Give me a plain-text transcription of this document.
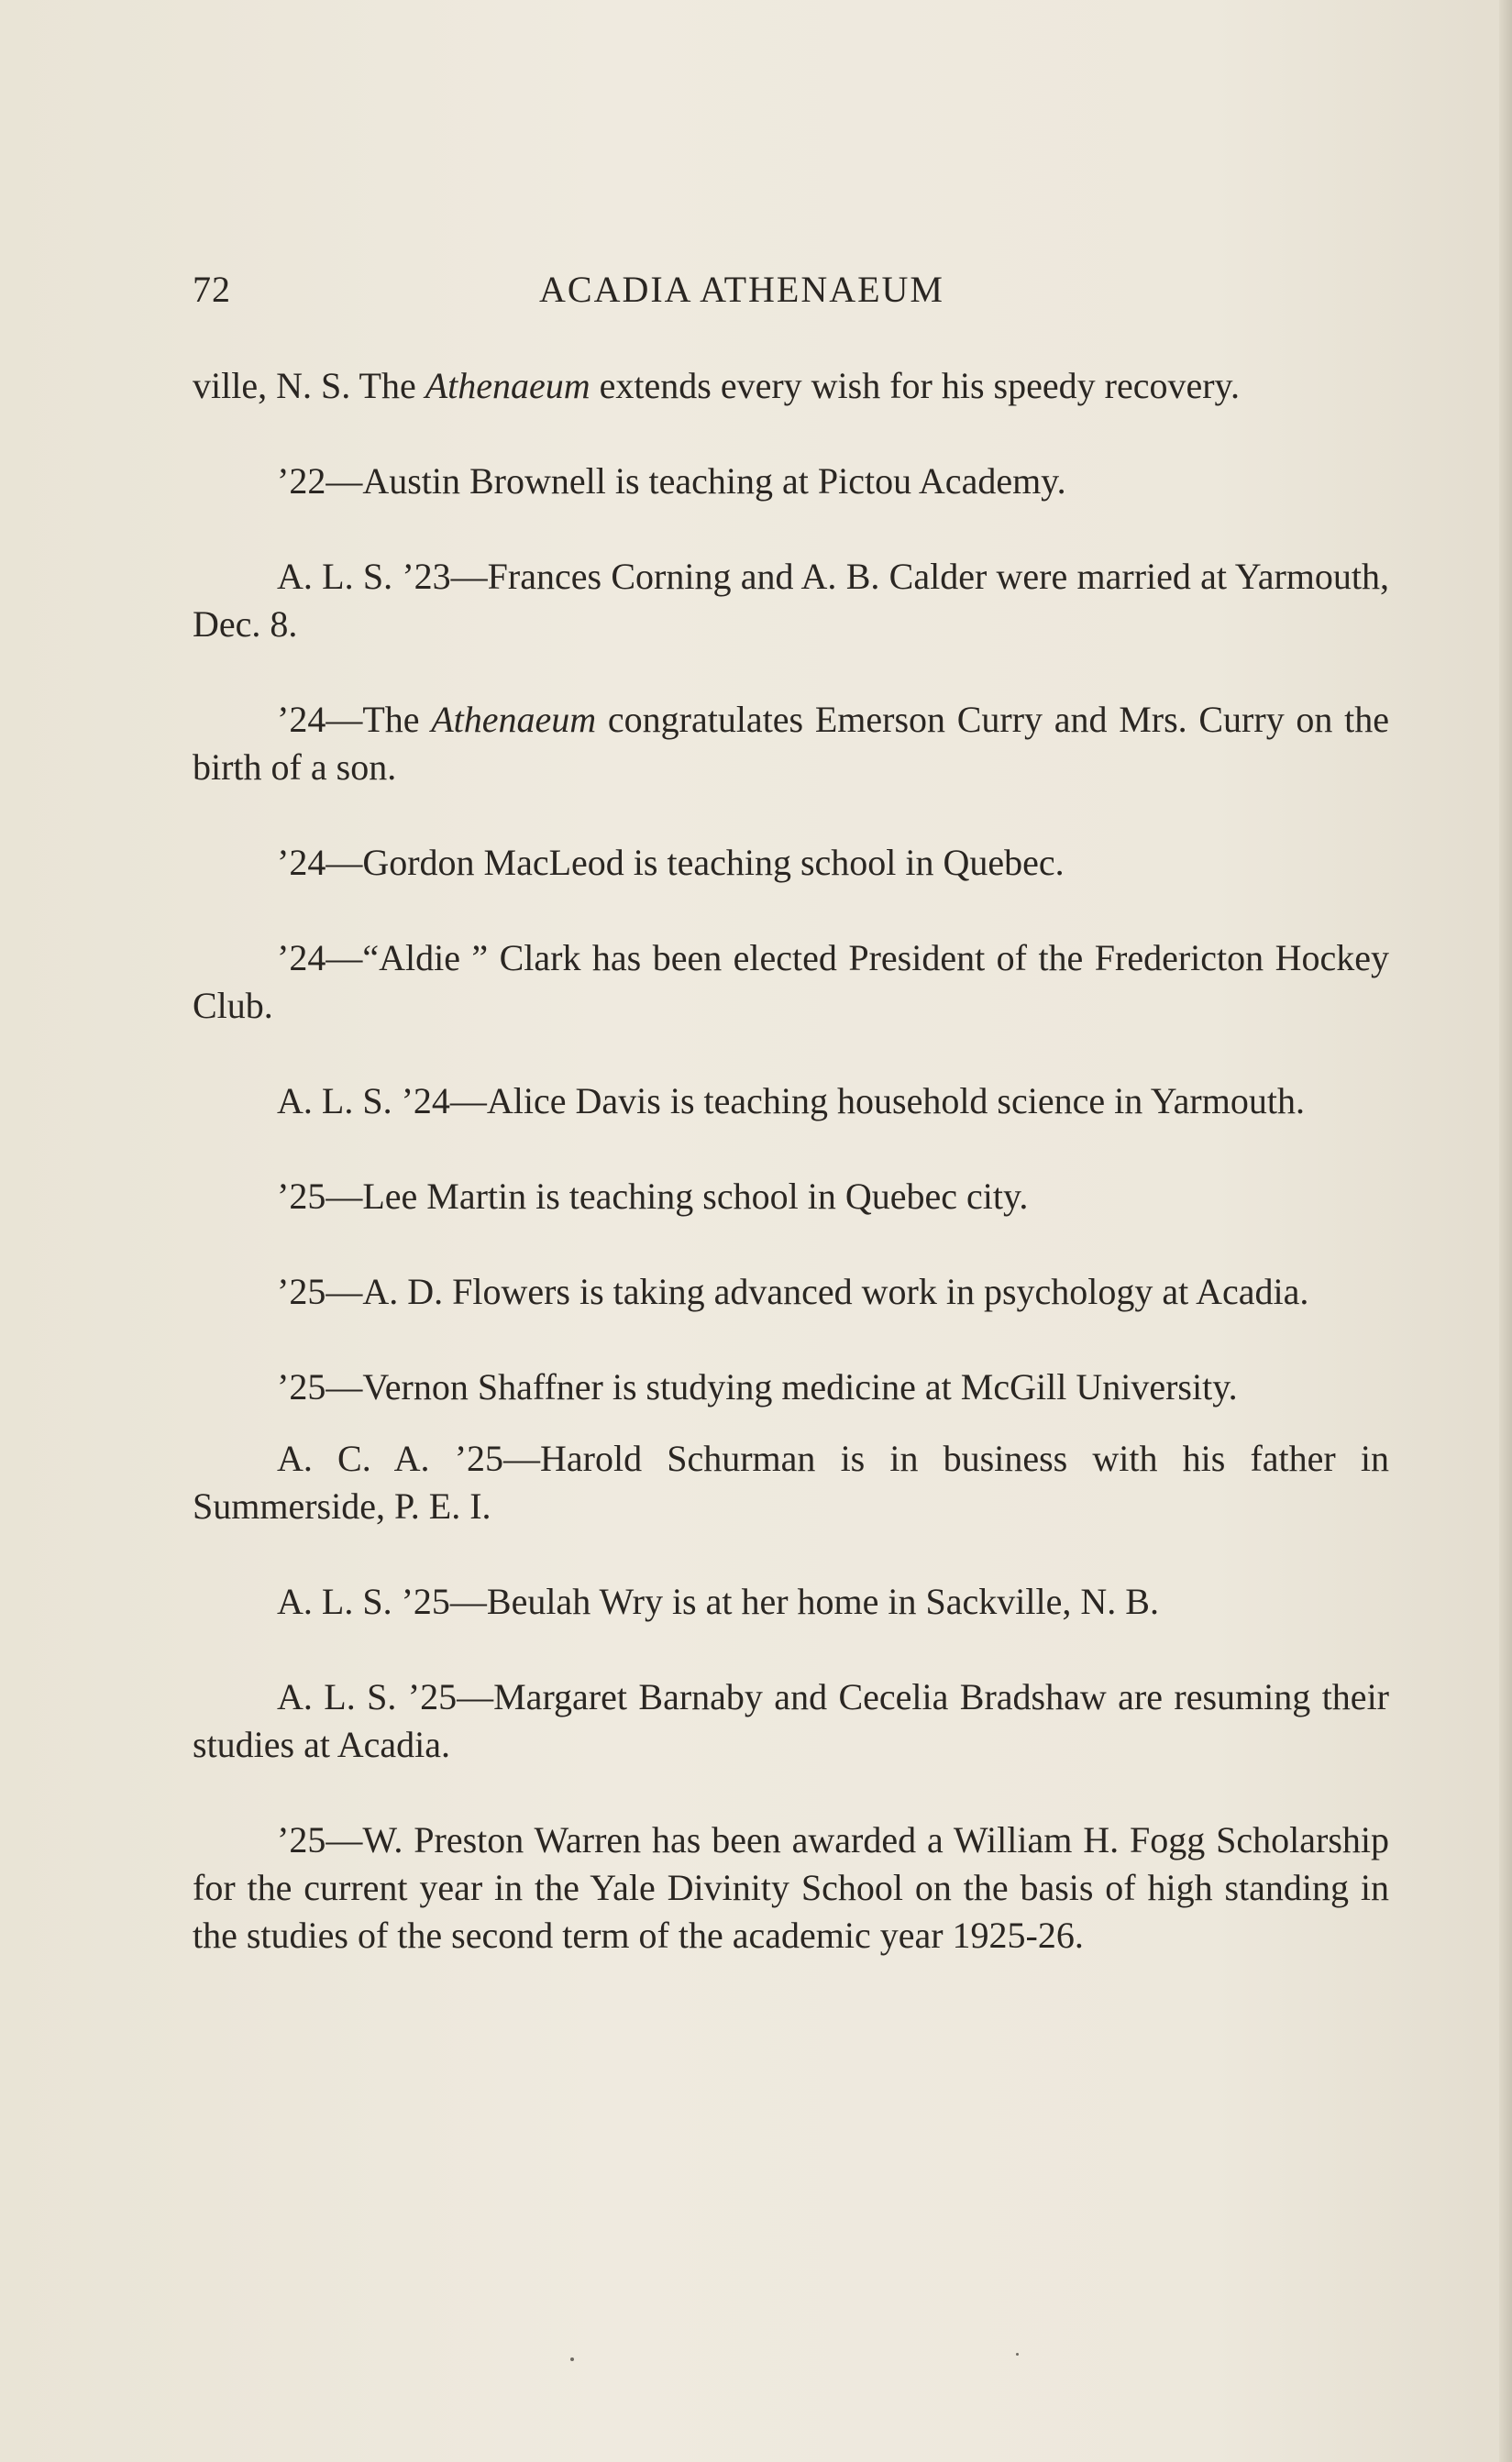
72	ACADIA ATHENAEUM

ville, N. S. The Athenaeum extends every wish for his speedy recovery.

’22—Austin Brownell is teaching at Pictou Academy.

A. L. S. ’23—Frances Corning and A. B. Calder were married at Yarmouth, Dec. 8.

’24—The Athenaeum congratulates Emerson Curry and Mrs. Curry on the birth of a son.

’24—Gordon MacLeod is teaching school in Quebec.

’24—“Aldie ” Clark has been elected President of the Fredericton Hockey Club.

A. L. S. ’24—Alice Davis is teaching household science in Yarmouth.

’25—Lee Martin is teaching school in Quebec city.

’25—A. D. Flowers is taking advanced work in psychology at Acadia.

’25—Vernon Shaffner is studying medicine at McGill University.

A. C. A. ’25—Harold Schurman is in business with his father in Summerside, P. E. I.

A. L. S. ’25—Beulah Wry is at her home in Sackville, N. B.

A. L. S. ’25—Margaret Barnaby and Cecelia Bradshaw are resuming their studies at Acadia.

’25—W. Preston Warren has been awarded a William H. Fogg Scholarship for the current year in the Yale Divinity School on the basis of high standing in the studies of the second term of the academic year 1925-26.
